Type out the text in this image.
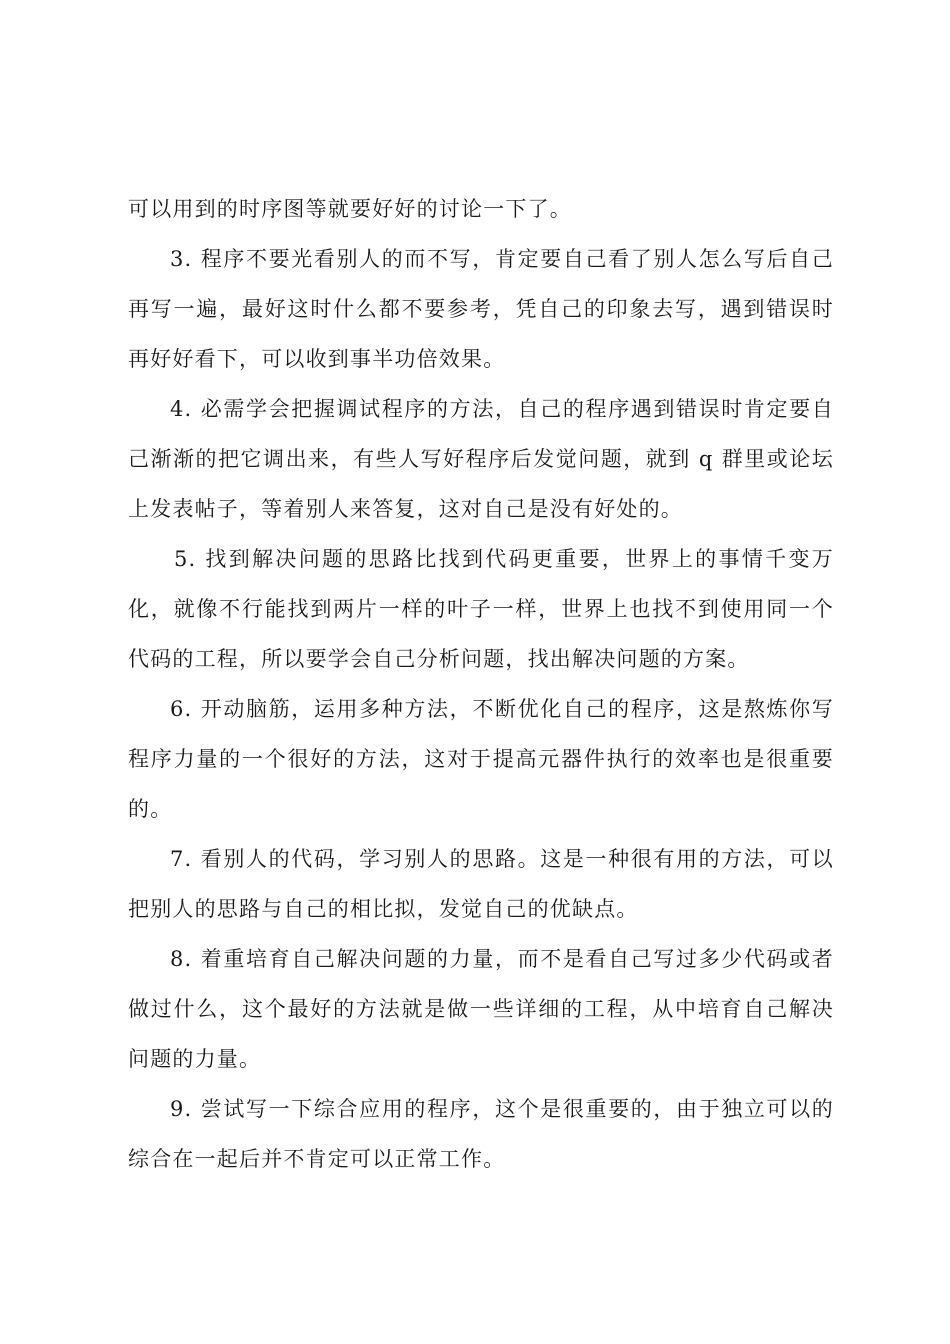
可以用到的时序图等就要好好的讨论一下了。

3. 程序不要光看别人的而不写，肯定要自己看了别人怎么写后自己再写一遍，最好这时什么都不要参考，凭自己的印象去写，遇到错误时再好好看下，可以收到事半功倍效果。

4. 必需学会把握调试程序的方法，自己的程序遇到错误时肯定要自己渐渐的把它调出来，有些人写好程序后发觉问题，就到 q 群里或论坛上发表帖子，等着别人来答复，这对自己是没有好处的。

5. 找到解决问题的思路比找到代码更重要，世界上的事情千变万化，就像不行能找到两片一样的叶子一样，世界上也找不到使用同一个代码的工程，所以要学会自己分析问题，找出解决问题的方案。

6. 开动脑筋，运用多种方法，不断优化自己的程序，这是熬炼你写程序力量的一个很好的方法，这对于提高元器件执行的效率也是很重要的。

7. 看别人的代码，学习别人的思路。这是一种很有用的方法，可以把别人的思路与自己的相比拟，发觉自己的优缺点。

8. 着重培育自己解决问题的力量，而不是看自己写过多少代码或者做过什么，这个最好的方法就是做一些详细的工程，从中培育自己解决问题的力量。

9. 尝试写一下综合应用的程序，这个是很重要的，由于独立可以的综合在一起后并不肯定可以正常工作。
